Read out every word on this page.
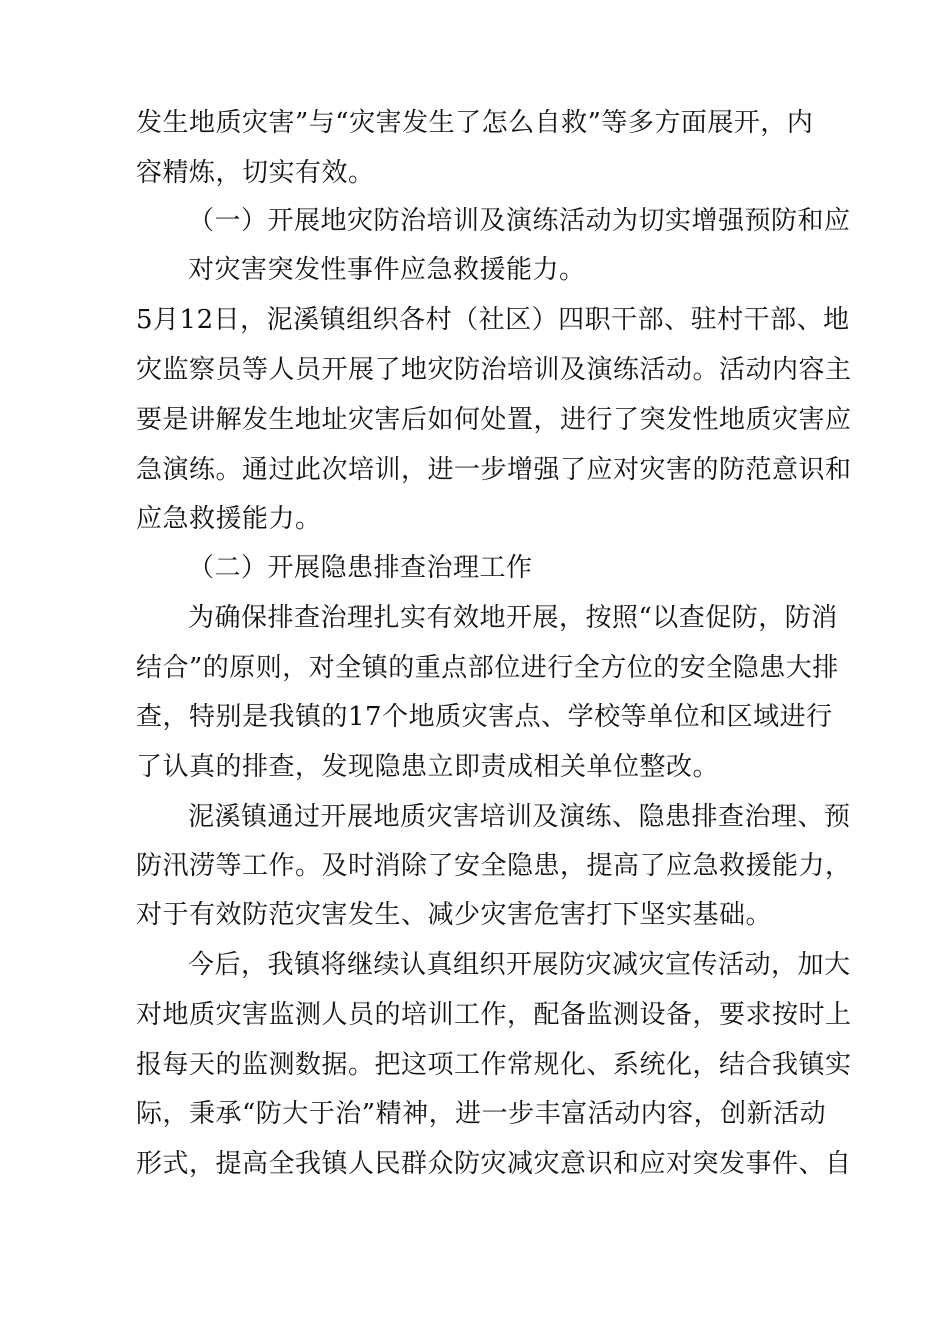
发生地质灾害”与“灾害发生了怎么自救”等多方面展开，内
容精炼，切实有效。
（一）开展地灾防治培训及演练活动为切实增强预防和应
对灾害突发性事件应急救援能力。
5月12日，泥溪镇组织各村（社区）四职干部、驻村干部、地
灾监察员等人员开展了地灾防治培训及演练活动。活动内容主
要是讲解发生地址灾害后如何处置，进行了突发性地质灾害应
急演练。通过此次培训，进一步增强了应对灾害的防范意识和
应急救援能力。
（二）开展隐患排查治理工作
为确保排查治理扎实有效地开展，按照“以查促防，防消
结合”的原则，对全镇的重点部位进行全方位的安全隐患大排
查，特别是我镇的17个地质灾害点、学校等单位和区域进行
了认真的排查，发现隐患立即责成相关单位整改。
泥溪镇通过开展地质灾害培训及演练、隐患排查治理、预
防汛涝等工作。及时消除了安全隐患，提高了应急救援能力，
对于有效防范灾害发生、减少灾害危害打下坚实基础。
今后，我镇将继续认真组织开展防灾减灾宣传活动，加大
对地质灾害监测人员的培训工作，配备监测设备，要求按时上
报每天的监测数据。把这项工作常规化、系统化，结合我镇实
际，秉承“防大于治”精神，进一步丰富活动内容，创新活动
形式，提高全我镇人民群众防灾减灾意识和应对突发事件、自
